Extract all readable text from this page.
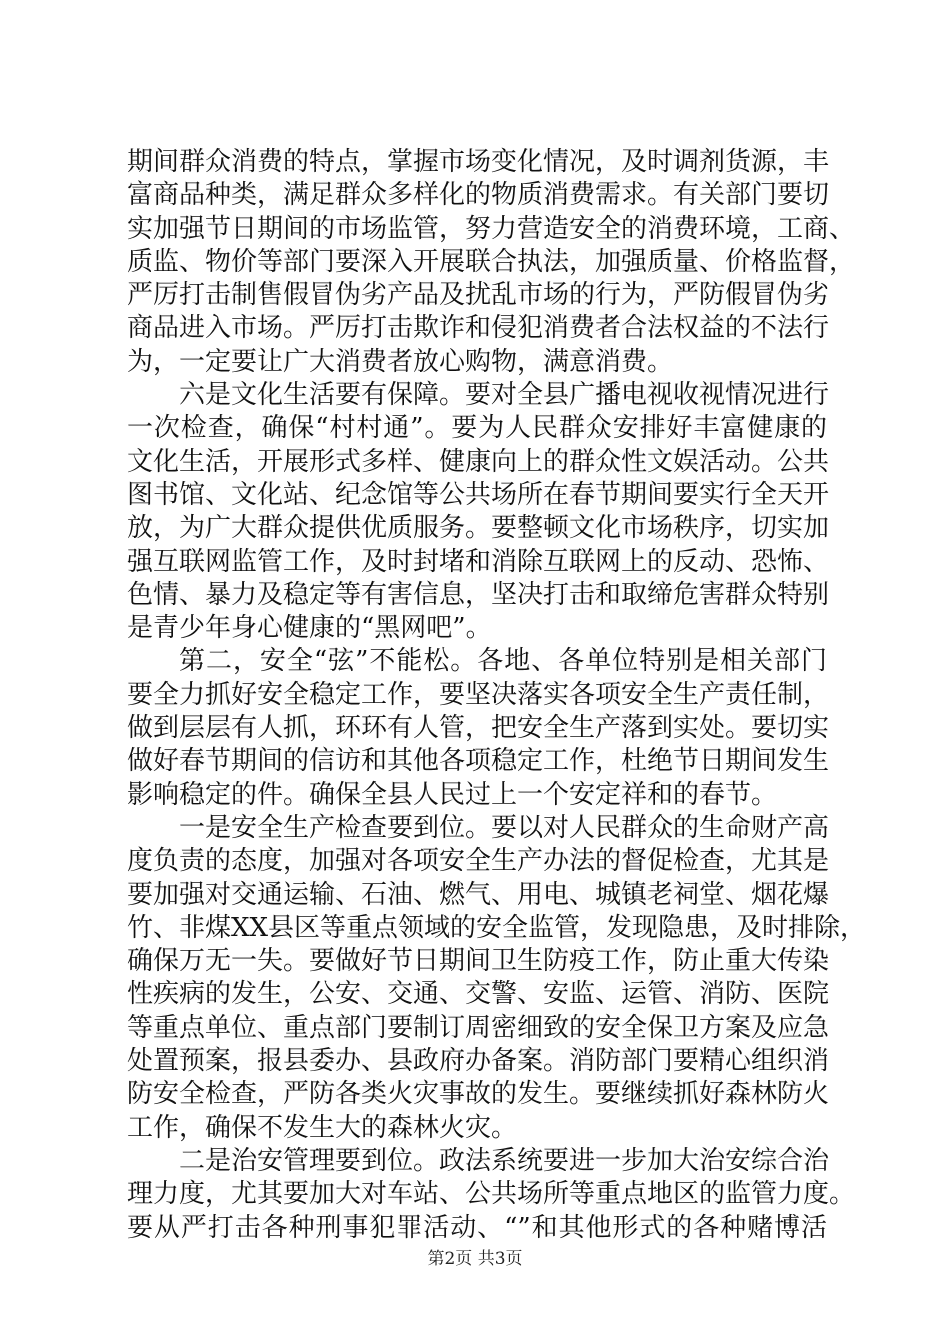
期间群众消费的特点，掌握市场变化情况，及时调剂货源，丰
富商品种类，满足群众多样化的物质消费需求。有关部门要切
实加强节日期间的市场监管，努力营造安全的消费环境，工商、
质监、物价等部门要深入开展联合执法，加强质量、价格监督，
严厉打击制售假冒伪劣产品及扰乱市场的行为，严防假冒伪劣
商品进入市场。严厉打击欺诈和侵犯消费者合法权益的不法行
为，一定要让广大消费者放心购物，满意消费。
六是文化生活要有保障。要对全县广播电视收视情况进行
一次检查，确保“村村通”。要为人民群众安排好丰富健康的
文化生活，开展形式多样、健康向上的群众性文娱活动。公共
图书馆、文化站、纪念馆等公共场所在春节期间要实行全天开
放，为广大群众提供优质服务。要整顿文化市场秩序，切实加
强互联网监管工作，及时封堵和消除互联网上的反动、恐怖、
色情、暴力及稳定等有害信息，坚决打击和取缔危害群众特别
是青少年身心健康的“黑网吧”。
第二，安全“弦”不能松。各地、各单位特别是相关部门
要全力抓好安全稳定工作，要坚决落实各项安全生产责任制，
做到层层有人抓，环环有人管，把安全生产落到实处。要切实
做好春节期间的信访和其他各项稳定工作，杜绝节日期间发生
影响稳定的件。确保全县人民过上一个安定祥和的春节。
一是安全生产检查要到位。要以对人民群众的生命财产高
度负责的态度，加强对各项安全生产办法的督促检查，尤其是
要加强对交通运输、石油、燃气、用电、城镇老祠堂、烟花爆
竹、非煤XX县区等重点领域的安全监管，发现隐患，及时排除，
确保万无一失。要做好节日期间卫生防疫工作，防止重大传染
性疾病的发生，公安、交通、交警、安监、运管、消防、医院
等重点单位、重点部门要制订周密细致的安全保卫方案及应急
处置预案，报县委办、县政府办备案。消防部门要精心组织消
防安全检查，严防各类火灾事故的发生。要继续抓好森林防火
工作，确保不发生大的森林火灾。
二是治安管理要到位。政法系统要进一步加大治安综合治
理力度，尤其要加大对车站、公共场所等重点地区的监管力度。
要从严打击各种刑事犯罪活动、“”和其他形式的各种赌博活
第2页 共3页
